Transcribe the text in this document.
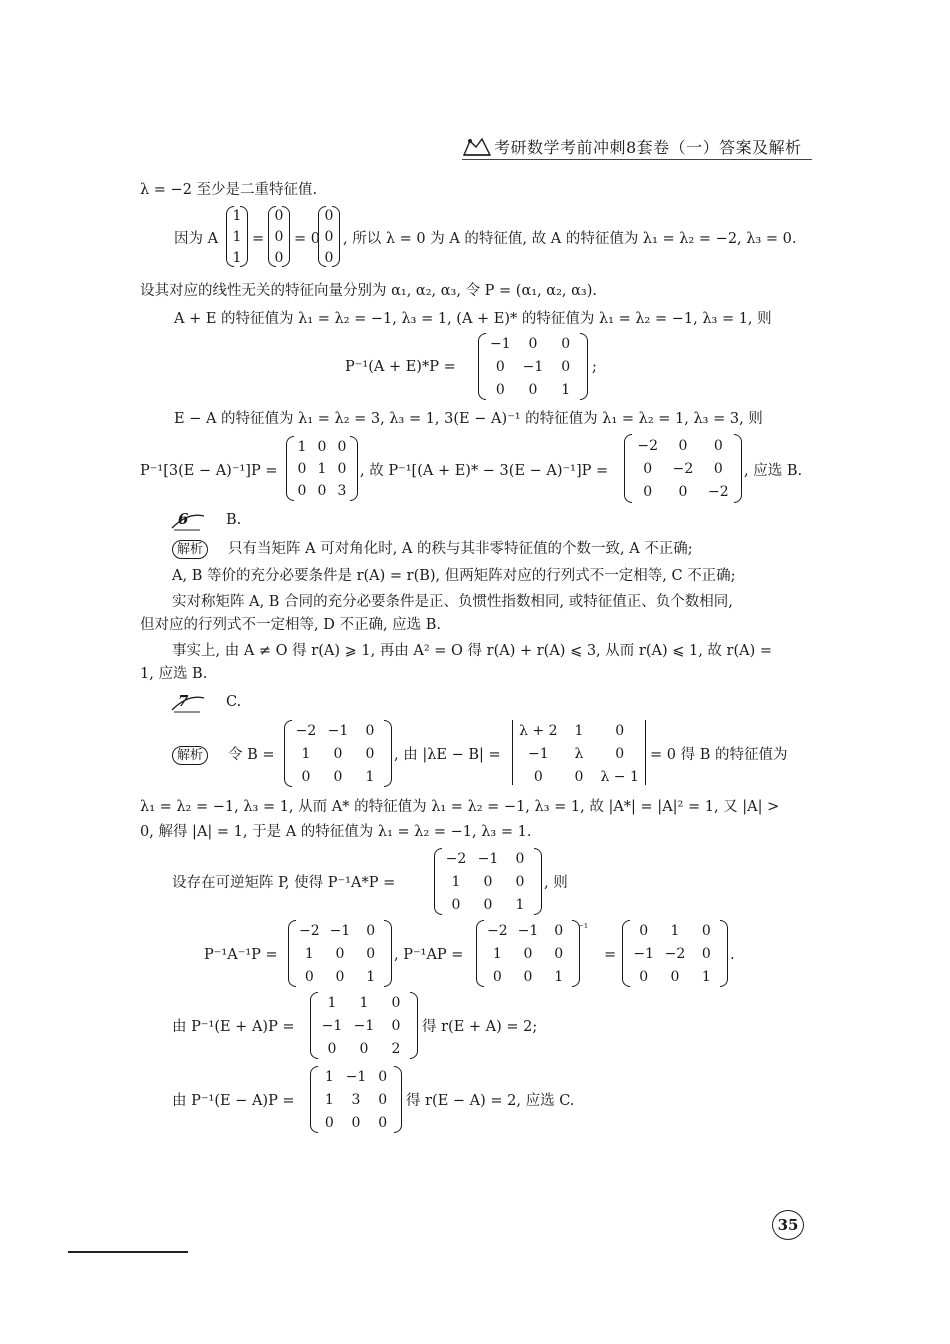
考研数学考前冲刺8套卷（一）答案及解析
λ = −2 至少是二重特征值.
因为 A
1
1
1
=
0
0
0
= 0
0
0
0
, 所以 λ = 0 为 A 的特征值, 故 A 的特征值为 λ₁ = λ₂ = −2, λ₃ = 0.
设其对应的线性无关的特征向量分别为 α₁, α₂, α₃, 令 P = (α₁, α₂, α₃).
A + E 的特征值为 λ₁ = λ₂ = −1, λ₃ = 1, (A + E)* 的特征值为 λ₁ = λ₂ = −1, λ₃ = 1, 则
P⁻¹(A + E)*P =
−1	0	0
0	−1	0
0	0	1
;
E − A 的特征值为 λ₁ = λ₂ = 3, λ₃ = 1, 3(E − A)⁻¹ 的特征值为 λ₁ = λ₂ = 1, λ₃ = 3, 则
P⁻¹[3(E − A)⁻¹]P =
1 0 0
0 1 0
0 0 3
, 故 P⁻¹[(A + E)* − 3(E − A)⁻¹]P =
−2	0	0
0	−2	0
0	0	−2
, 应选 B.
6	B.
解析	只有当矩阵 A 可对角化时, A 的秩与其非零特征值的个数一致, A 不正确;
A, B 等价的充分必要条件是 r(A) = r(B), 但两矩阵对应的行列式不一定相等, C 不正确;
实对称矩阵 A, B 合同的充分必要条件是正、负惯性指数相同, 或特征值正、负个数相同,
但对应的行列式不一定相等, D 不正确, 应选 B.
事实上, 由 A ≠ O 得 r(A) ⩾ 1, 再由 A² = O 得 r(A) + r(A) ⩽ 3, 从而 r(A) ⩽ 1, 故 r(A) =
1, 应选 B.
7	C.
解析	令 B =
−2 −1	0
1	0	0
0	0	1
, 由 |λE − B| =
λ + 2	1	0
−1	λ	0
0	0	λ − 1
= 0 得 B 的特征值为
λ₁ = λ₂ = −1, λ₃ = 1, 从而 A* 的特征值为 λ₁ = λ₂ = −1, λ₃ = 1, 故 |A*| = |A|² = 1, 又 |A| >
0, 解得 |A| = 1, 于是 A 的特征值为 λ₁ = λ₂ = −1, λ₃ = 1.
设存在可逆矩阵 P, 使得 P⁻¹A*P =
−2 −1	0
1	0	0
0	0	1
, 则
P⁻¹A⁻¹P =
−2 −1	0
1	0	0
0	0	1
, P⁻¹AP =
−2 −1	0
1	0	0
0	0	1
⁻¹
=
0	1	0
−1 −2	0
0	0	1
.
由 P⁻¹(E + A)P =
1	1	0
−1 −1	0
0	0	2
得 r(E + A) = 2;
由 P⁻¹(E − A)P =
1 −1 0
1	3	0
0	0	0
得 r(E − A) = 2, 应选 C.
35
